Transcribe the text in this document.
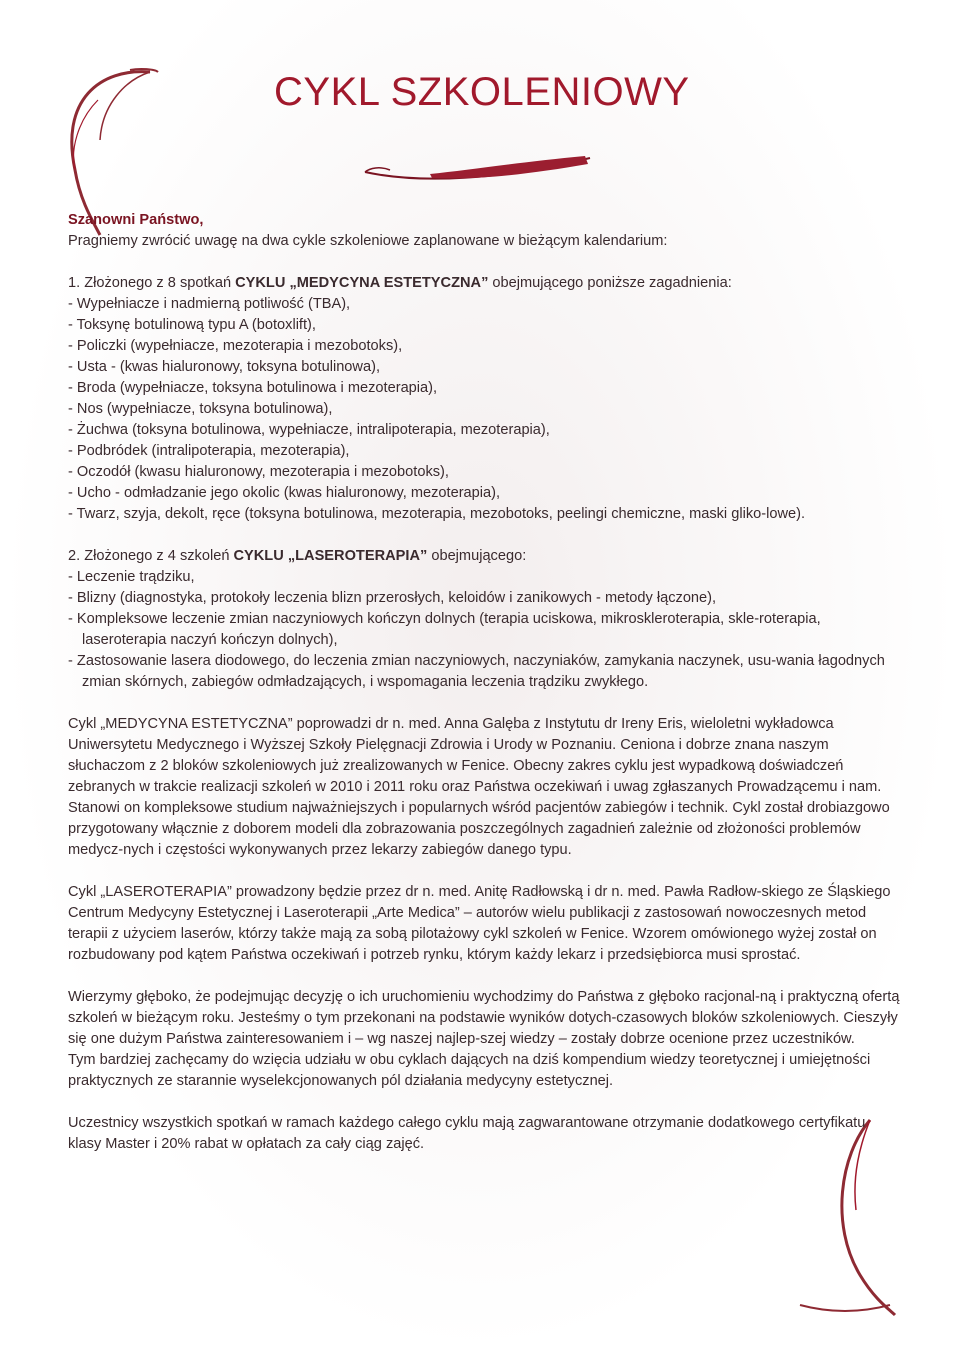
CYKL SZKOLENIOWY

Szanowni Państwo,

Pragniemy zwrócić uwagę na dwa cykle szkoleniowe zaplanowane w bieżącym kalendarium:

1. Złożonego z 8 spotkań CYKLU „MEDYCYNA ESTETYCZNA” obejmującego poniższe zagadnienia:

- Wypełniacze i nadmierną potliwość (TBA),
- Toksynę botulinową typu A (botoxlift),
- Policzki (wypełniacze, mezoterapia i mezobotoks),
- Usta - (kwas hialuronowy, toksyna botulinowa),
- Broda (wypełniacze, toksyna botulinowa i mezoterapia),
- Nos (wypełniacze, toksyna botulinowa),
- Żuchwa (toksyna botulinowa, wypełniacze, intralipoterapia, mezoterapia),
- Podbródek (intralipoterapia, mezoterapia),
- Oczodół (kwasu hialuronowy, mezoterapia i mezobotoks),
- Ucho - odmładzanie jego okolic (kwas hialuronowy, mezoterapia),
- Twarz, szyja, dekolt, ręce (toksyna botulinowa, mezoterapia, mezobotoks, peelingi chemiczne, maski gliko-lowe).

2. Złożonego z 4 szkoleń CYKLU „LASEROTERAPIA” obejmującego:

- Leczenie trądziku,
- Blizny (diagnostyka, protokoły leczenia blizn przerosłych, keloidów i zanikowych - metody łączone),
- Kompleksowe leczenie zmian naczyniowych kończyn dolnych (terapia uciskowa, mikroskleroterapia, skle-roterapia, laseroterapia naczyń kończyn dolnych),
- Zastosowanie lasera diodowego, do leczenia zmian naczyniowych, naczyniaków, zamykania naczynek, usu-wania łagodnych zmian skórnych, zabiegów odmładzających, i wspomagania leczenia trądziku zwykłego.

Cykl „MEDYCYNA ESTETYCZNA” poprowadzi dr n. med. Anna Galęba z Instytutu dr Ireny Eris, wieloletni wykładowca Uniwersytetu Medycznego i Wyższej Szkoły Pielęgnacji Zdrowia i Urody w Poznaniu. Ceniona i dobrze znana naszym słuchaczom z 2 bloków szkoleniowych już zrealizowanych w Fenice. Obecny zakres cyklu jest wypadkową doświadczeń zebranych w trakcie realizacji szkoleń w 2010 i 2011 roku oraz Państwa oczekiwań i uwag zgłaszanych Prowadzącemu i nam. Stanowi on kompleksowe studium najważniejszych i popularnych wśród pacjentów zabiegów i technik. Cykl został drobiazgowo przygotowany włącznie z doborem modeli dla zobrazowania poszczególnych zagadnień zależnie od złożoności problemów medycz-nych i częstości wykonywanych przez lekarzy zabiegów danego typu.

Cykl „LASEROTERAPIA” prowadzony będzie przez dr n. med. Anitę Radłowską i dr n. med. Pawła Radłow-skiego ze Śląskiego Centrum Medycyny Estetycznej i Laseroterapii „Arte Medica” – autorów wielu publikacji z zastosowań nowoczesnych metod terapii z użyciem laserów, którzy także mają za sobą pilotażowy cykl szkoleń w Fenice. Wzorem omówionego wyżej został on rozbudowany pod kątem Państwa oczekiwań i potrzeb rynku, którym każdy lekarz i przedsiębiorca musi sprostać.

Wierzymy głęboko, że podejmując decyzję o ich uruchomieniu wychodzimy do Państwa z głęboko racjonal-ną i praktyczną ofertą szkoleń w bieżącym roku. Jesteśmy o tym przekonani na podstawie wyników dotych-czasowych bloków szkoleniowych. Cieszyły się one dużym Państwa zainteresowaniem i – wg naszej najlep-szej wiedzy – zostały dobrze ocenione przez uczestników.

Tym bardziej zachęcamy do wzięcia udziału w obu cyklach dających na dziś kompendium wiedzy teoretycznej i umiejętności praktycznych ze starannie wyselekcjonowanych pól działania medycyny estetycznej.

Uczestnicy wszystkich spotkań w ramach każdego całego cyklu mają zagwarantowane otrzymanie dodatkowego certyfikatu klasy Master i 20% rabat w opłatach za cały ciąg zajęć.
